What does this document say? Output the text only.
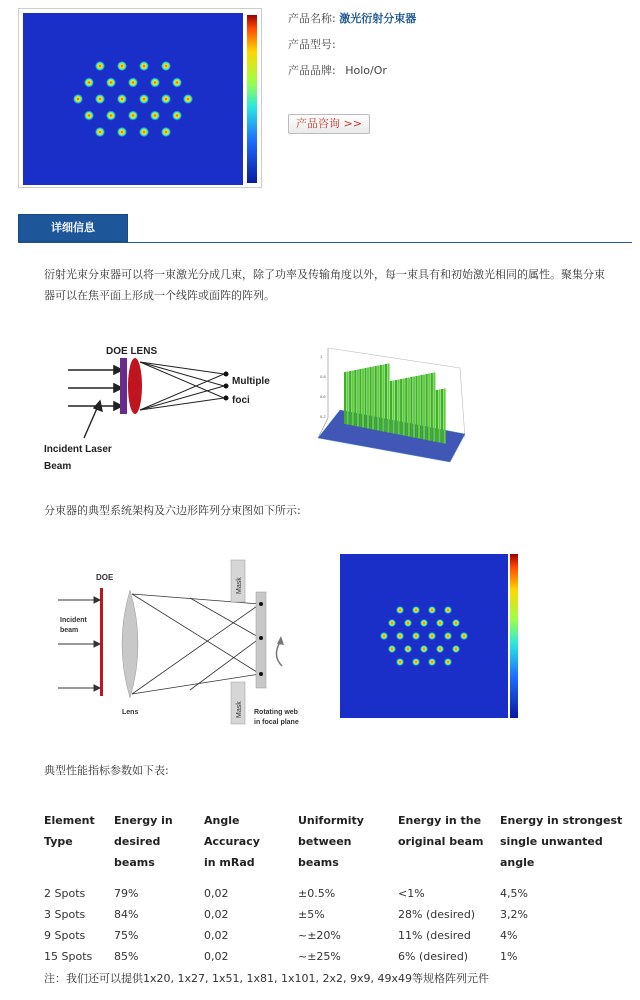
产品名称: 激光衍射分束器
产品型号:
产品品牌: Holo/Or
产品咨询 >>
详细信息
衍射光束分束器可以将一束激光分成几束，除了功率及传输角度以外，每一束具有和初始激光相同的属性。聚集分束器可以在焦平面上形成一个线阵或面阵的阵列。
DOE LENS
Multiple foci
Incident Laser Beam
1
0.8
0.6
0.2
分束器的典型系统架构及六边形阵列分束图如下所示:
DOE
Incident beam
Lens
Mask
Mask Rotating web in focal plane
典型性能指标参数如下表:
Element
Type	Energy in
desired beams	Angle Accuracy
in mRad	Uniformity
between beams	Energy in the
original beam	Energy in strongest
single unwanted angle
2 Spots	79%	0,02	±0.5%	<1%	4,5%
3 Spots	84%	0,02	±5%	28% (desired)	3,2%
9 Spots	75%	0,02	~±20%	11% (desired	4%
15 Spots	85%	0,02	~±25%	6% (desired)	1%
注：我们还可以提供1x20, 1x27, 1x51, 1x81, 1x101, 2x2, 9x9, 49x49等规格阵列元件
